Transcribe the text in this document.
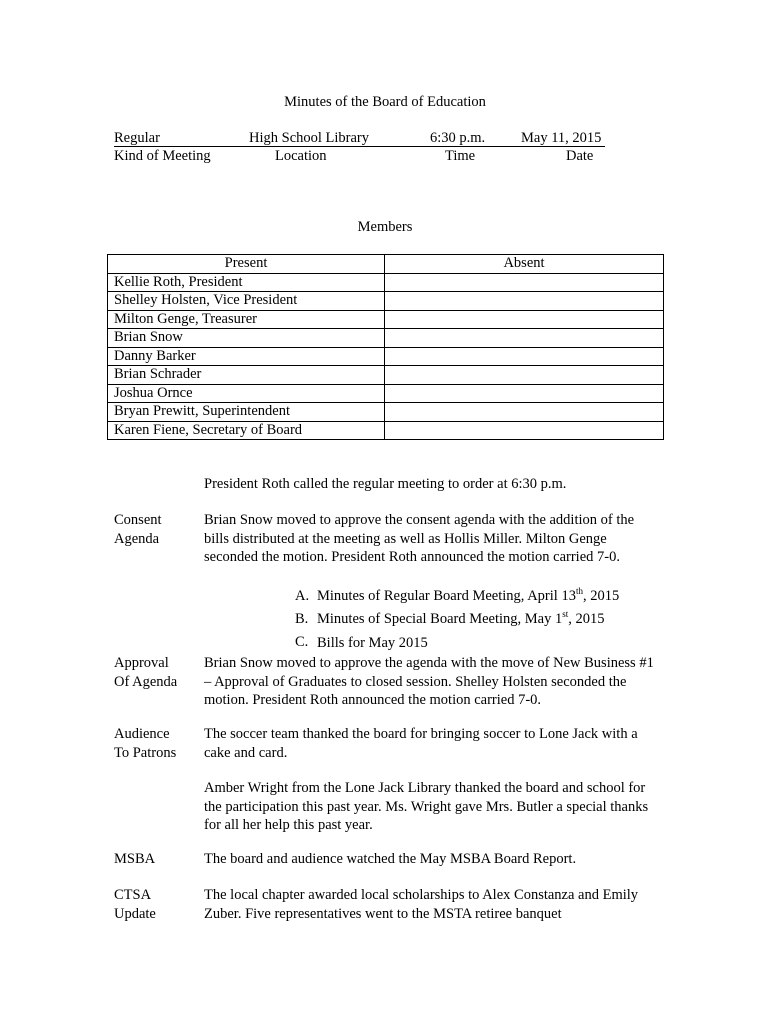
Minutes of the Board of Education
Regular	High School Library	6:30 p.m. May 11, 2015
Kind of Meeting	Location	Time	Date
Members
Present	Absent
Kellie Roth, President	
Shelley Holsten, Vice President	
Milton Genge, Treasurer	
Brian Snow	
Danny Barker	
Brian Schrader	
Joshua Ornce	
Bryan Prewitt, Superintendent	
Karen Fiene, Secretary of Board	
President Roth called the regular meeting to order at 6:30 p.m.
Consent
Agenda
Brian Snow moved to approve the consent agenda with the addition of the bills distributed at the meeting as well as Hollis Miller. Milton Genge seconded the motion. President Roth announced the motion carried 7-0.
A. Minutes of Regular Board Meeting, April 13th, 2015
B. Minutes of Special Board Meeting, May 1st, 2015
C. Bills for May 2015
Approval
Of Agenda
Brian Snow moved to approve the agenda with the move of New Business #1 – Approval of Graduates to closed session. Shelley Holsten seconded the motion. President Roth announced the motion carried 7-0.
Audience
To Patrons
The soccer team thanked the board for bringing soccer to Lone Jack with a cake and card.
Amber Wright from the Lone Jack Library thanked the board and school for the participation this past year. Ms. Wright gave Mrs. Butler a special thanks for all her help this past year.
MSBA	The board and audience watched the May MSBA Board Report.
CTSA
Update
The local chapter awarded local scholarships to Alex Constanza and Emily Zuber. Five representatives went to the MSTA retiree banquet
